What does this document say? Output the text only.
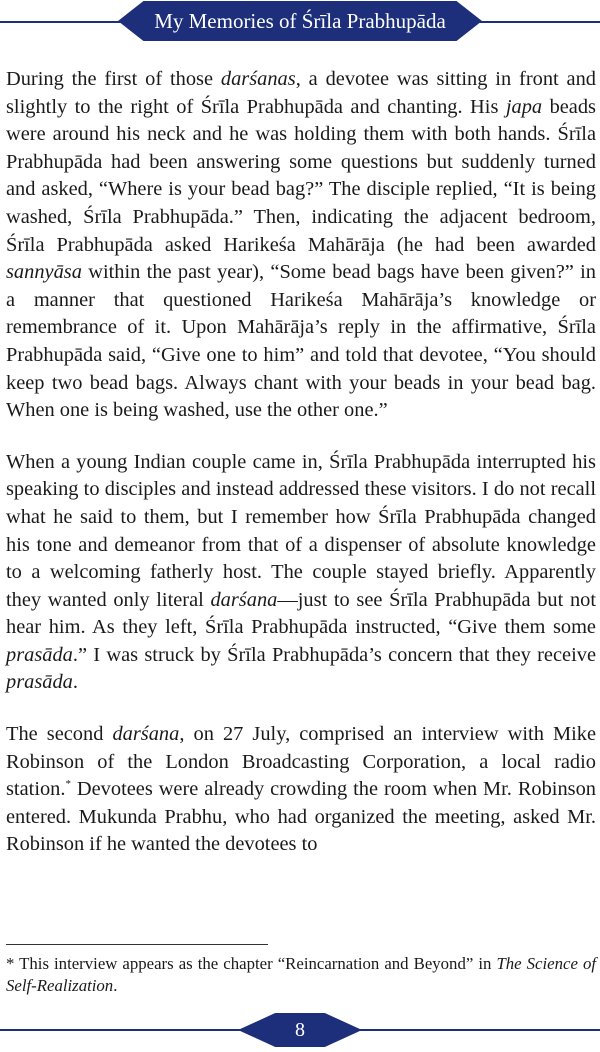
My Memories of Śrīla Prabhupāda

During the first of those darśanas, a devotee was sitting in front and slightly to the right of Śrīla Prabhupāda and chanting. His japa beads were around his neck and he was holding them with both hands. Śrīla Prabhupāda had been answering some questions but suddenly turned and asked, “Where is your bead bag?” The disciple replied, “It is being washed, Śrīla Prabhupāda.” Then, indicating the adjacent bedroom, Śrīla Prabhupāda asked Harikeśa Mahārāja (he had been awarded sannyāsa within the past year), “Some bead bags have been given?” in a manner that questioned Harikeśa Mahārāja’s knowledge or remembrance of it. Upon Mahārāja’s reply in the affirmative, Śrīla Prabhupāda said, “Give one to him” and told that devotee, “You should keep two bead bags. Always chant with your beads in your bead bag. When one is being washed, use the other one.”

When a young Indian couple came in, Śrīla Prabhupāda interrupted his speaking to disciples and instead addressed these visitors. I do not recall what he said to them, but I remember how Śrīla Prabhupāda changed his tone and demeanor from that of a dispenser of absolute knowledge to a welcoming fatherly host. The couple stayed briefly. Apparently they wanted only literal darśana—just to see Śrīla Prabhupāda but not hear him. As they left, Śrīla Prabhupāda instructed, “Give them some prasāda.” I was struck by Śrīla Prabhupāda’s concern that they receive prasāda.

The second darśana, on 27 July, comprised an interview with Mike Robinson of the London Broadcasting Corporation, a local radio station.* Devotees were already crowding the room when Mr. Robinson entered. Mukunda Prabhu, who had organized the meeting, asked Mr. Robinson if he wanted the devotees to

* This interview appears as the chapter “Reincarnation and Beyond” in The Science of Self-Realization.
8
